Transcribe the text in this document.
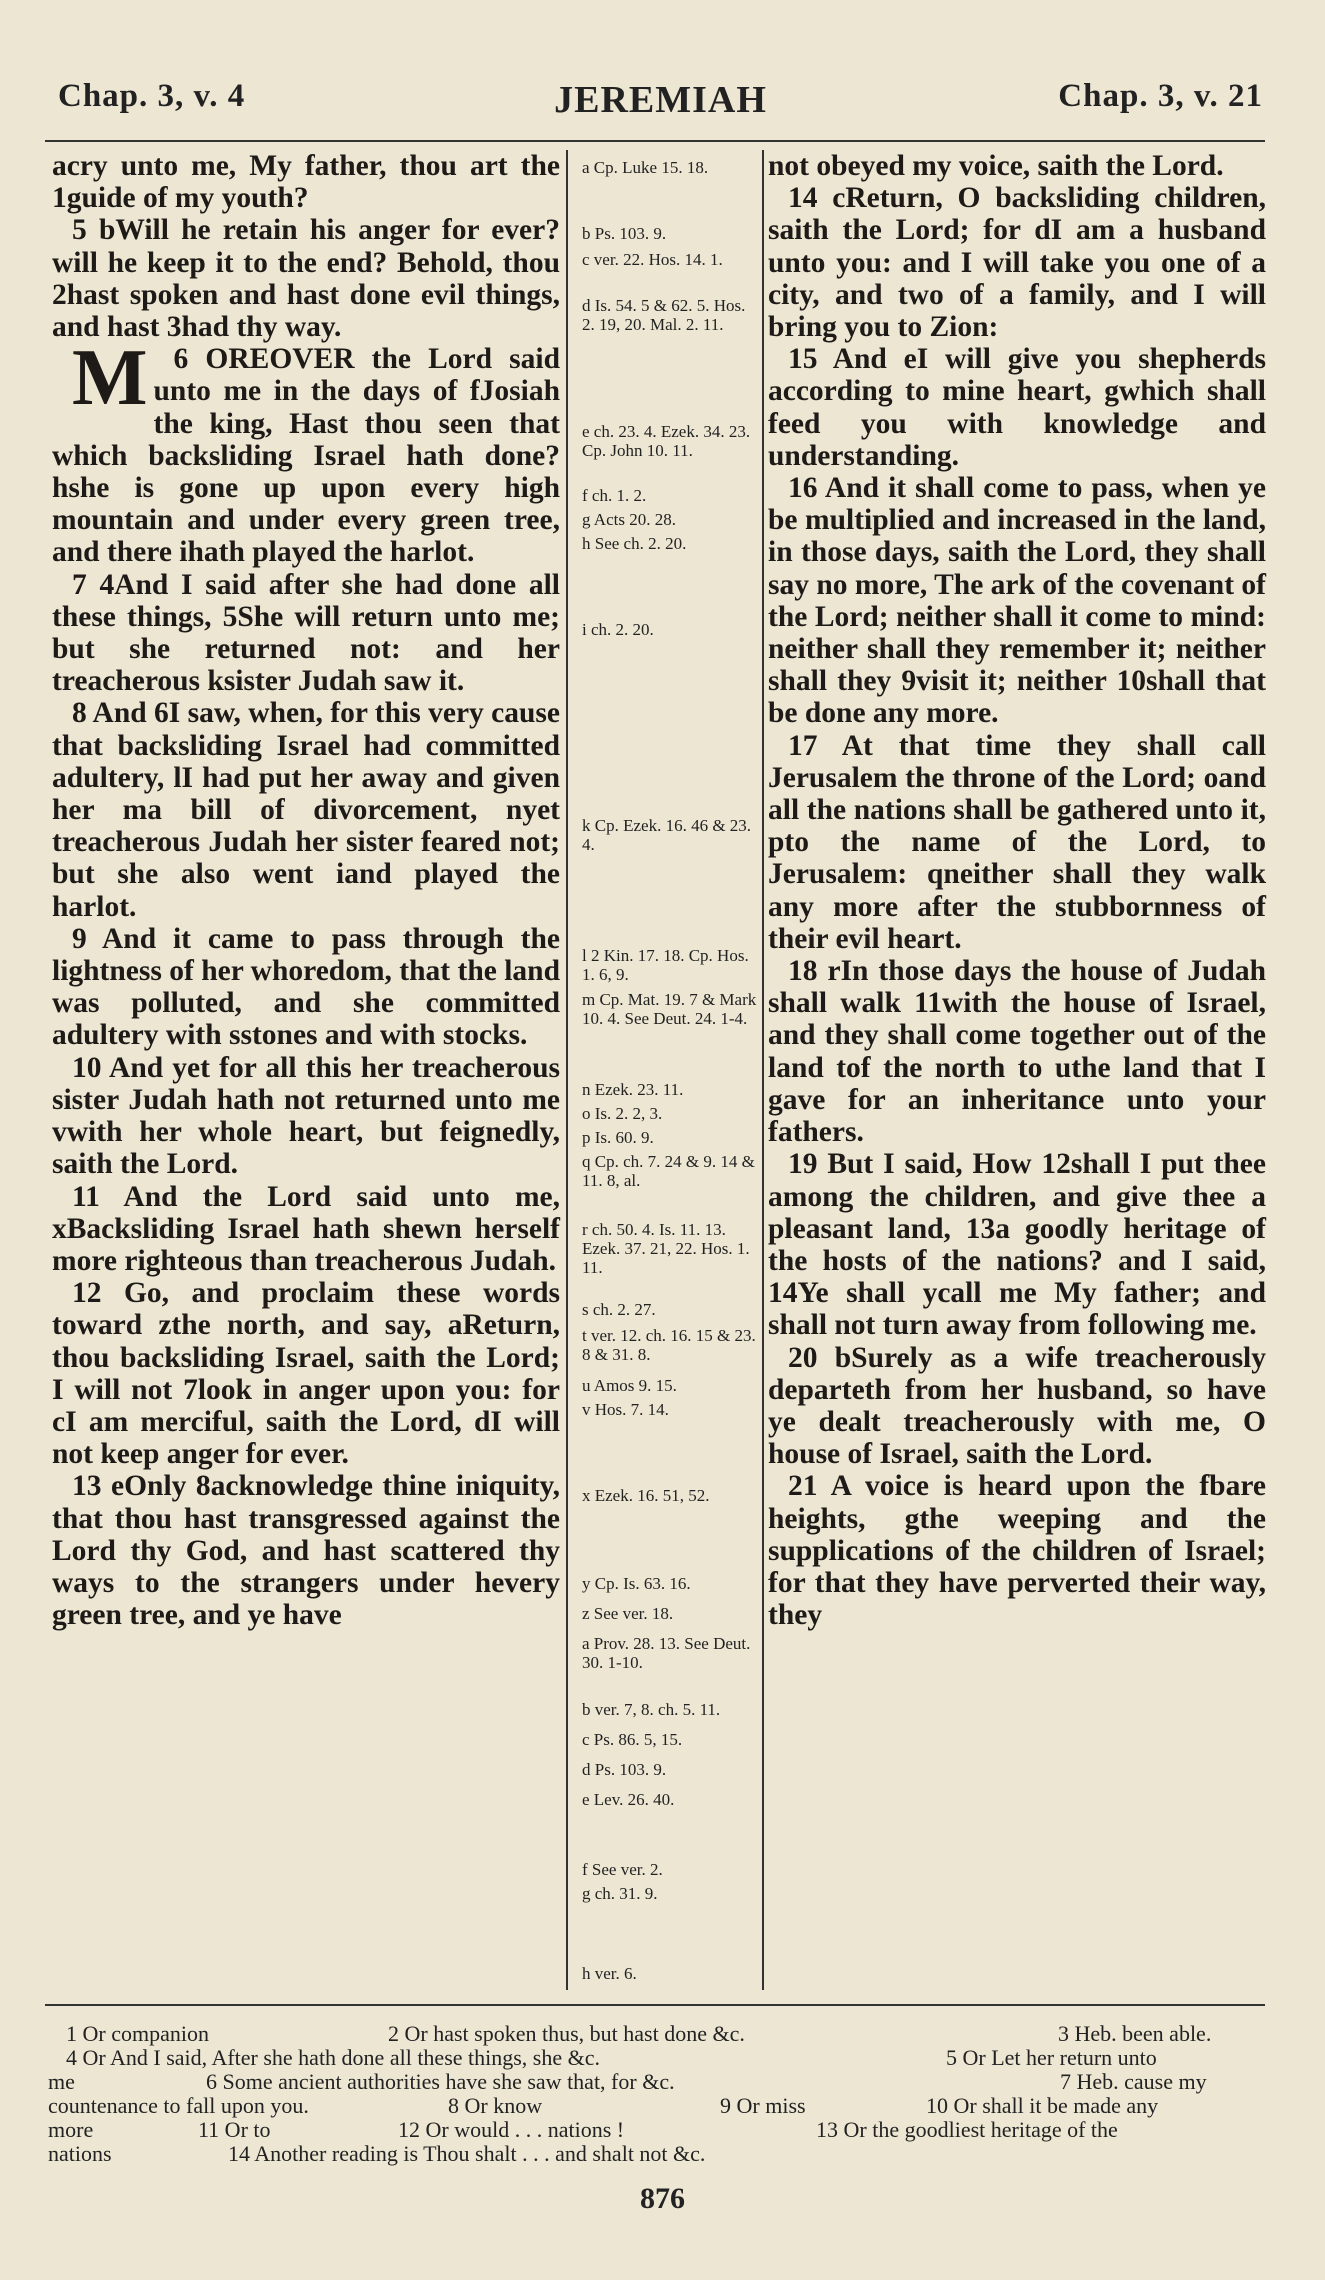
Chap. 3, v. 4	JEREMIAH	Chap. 3, v. 21

acry unto me, My father, thou art the 1guide of my youth?

5 bWill he retain his anger for ever? will he keep it to the end? Behold, thou 2hast spoken and hast done evil things, and hast 3had thy way.

6
M OREOVER the Lord said unto me in the days of fJosiah the king, Hast thou seen that which backsliding Israel hath done? hshe is gone up upon every high mountain and under every green tree, and there ihath played the harlot.

7 4And I said after she had done all these things, 5She will return unto me; but she returned not: and her treacherous ksister Judah saw it.

8 And 6I saw, when, for this very cause that backsliding Israel had committed adultery, lI had put her away and given her ma bill of divorcement, nyet treacherous Judah her sister feared not; but she also went iand played the harlot.

9 And it came to pass through the lightness of her whoredom, that the land was polluted, and she committed adultery with sstones and with stocks.

10 And yet for all this her treacherous sister Judah hath not returned unto me vwith her whole heart, but feignedly, saith the Lord.

11 And the Lord said unto me, xBacksliding Israel hath shewn herself more righteous than treacherous Judah.

12 Go, and proclaim these words toward zthe north, and say, aReturn, thou backsliding Israel, saith the Lord; I will not 7look in anger upon you: for cI am merciful, saith the Lord, dI will not keep anger for ever.

13 eOnly 8acknowledge thine iniquity, that thou hast transgressed against the Lord thy God, and hast scattered thy ways to the strangers under hevery green tree, and ye have

a Cp. Luke 15. 18.
b Ps. 103. 9.
c ver. 22. Hos. 14. 1.
d Is. 54. 5 & 62. 5. Hos. 2. 19, 20. Mal. 2. 11.
e ch. 23. 4. Ezek. 34. 23. Cp. John 10. 11.
f ch. 1. 2.
g Acts 20. 28.
h See ch. 2. 20.
i ch. 2. 20.
k Cp. Ezek. 16. 46 & 23. 4.
l 2 Kin. 17. 18. Cp. Hos. 1. 6, 9.
m Cp. Mat. 19. 7 & Mark 10. 4. See Deut. 24. 1-4.
n Ezek. 23. 11.
o Is. 2. 2, 3.
p Is. 60. 9.
q Cp. ch. 7. 24 & 9. 14 & 11. 8, al.
r ch. 50. 4. Is. 11. 13. Ezek. 37. 21, 22. Hos. 1. 11.
s ch. 2. 27.
t ver. 12. ch. 16. 15 & 23. 8 & 31. 8.
u Amos 9. 15.
v Hos. 7. 14.
x Ezek. 16. 51, 52.
y Cp. Is. 63. 16.
z See ver. 18.
a Prov. 28. 13. See Deut. 30. 1-10.
b ver. 7, 8. ch. 5. 11.
c Ps. 86. 5, 15.
d Ps. 103. 9.
e Lev. 26. 40.
f See ver. 2.
g ch. 31. 9.
h ver. 6.

not obeyed my voice, saith the Lord.

14 cReturn, O backsliding children, saith the Lord; for dI am a husband unto you: and I will take you one of a city, and two of a family, and I will bring you to Zion:

15 And eI will give you shepherds according to mine heart, gwhich shall feed you with knowledge and understanding.

16 And it shall come to pass, when ye be multiplied and increased in the land, in those days, saith the Lord, they shall say no more, The ark of the covenant of the Lord; neither shall it come to mind: neither shall they remember it; neither shall they 9visit it; neither 10shall that be done any more.

17 At that time they shall call Jerusalem the throne of the Lord; oand all the nations shall be gathered unto it, pto the name of the Lord, to Jerusalem: qneither shall they walk any more after the stubbornness of their evil heart.

18 rIn those days the house of Judah shall walk 11with the house of Israel, and they shall come together out of the land tof the north to uthe land that I gave for an inheritance unto your fathers.

19 But I said, How 12shall I put thee among the children, and give thee a pleasant land, 13a goodly heritage of the hosts of the nations? and I said, 14Ye shall ycall me My father; and shall not turn away from following me.

20 bSurely as a wife treacherously departeth from her husband, so have ye dealt treacherously with me, O house of Israel, saith the Lord.

21 A voice is heard upon the fbare heights, gthe weeping and the supplications of the children of Israel; for that they have perverted their way, they

1 Or companion	2 Or hast spoken thus, but hast done &c.	3 Heb. been able.
4 Or And I said, After she hath done all these things, she &c.	5 Or Let her return unto
me	6 Some ancient authorities have she saw that, for &c.	7 Heb. cause my
countenance to fall upon you.	8 Or know	9 Or miss	10 Or shall it be made any
more	11 Or to	12 Or would . . . nations !	13 Or the goodliest heritage of the
nations	14 Another reading is Thou shalt . . . and shalt not &c.
876
